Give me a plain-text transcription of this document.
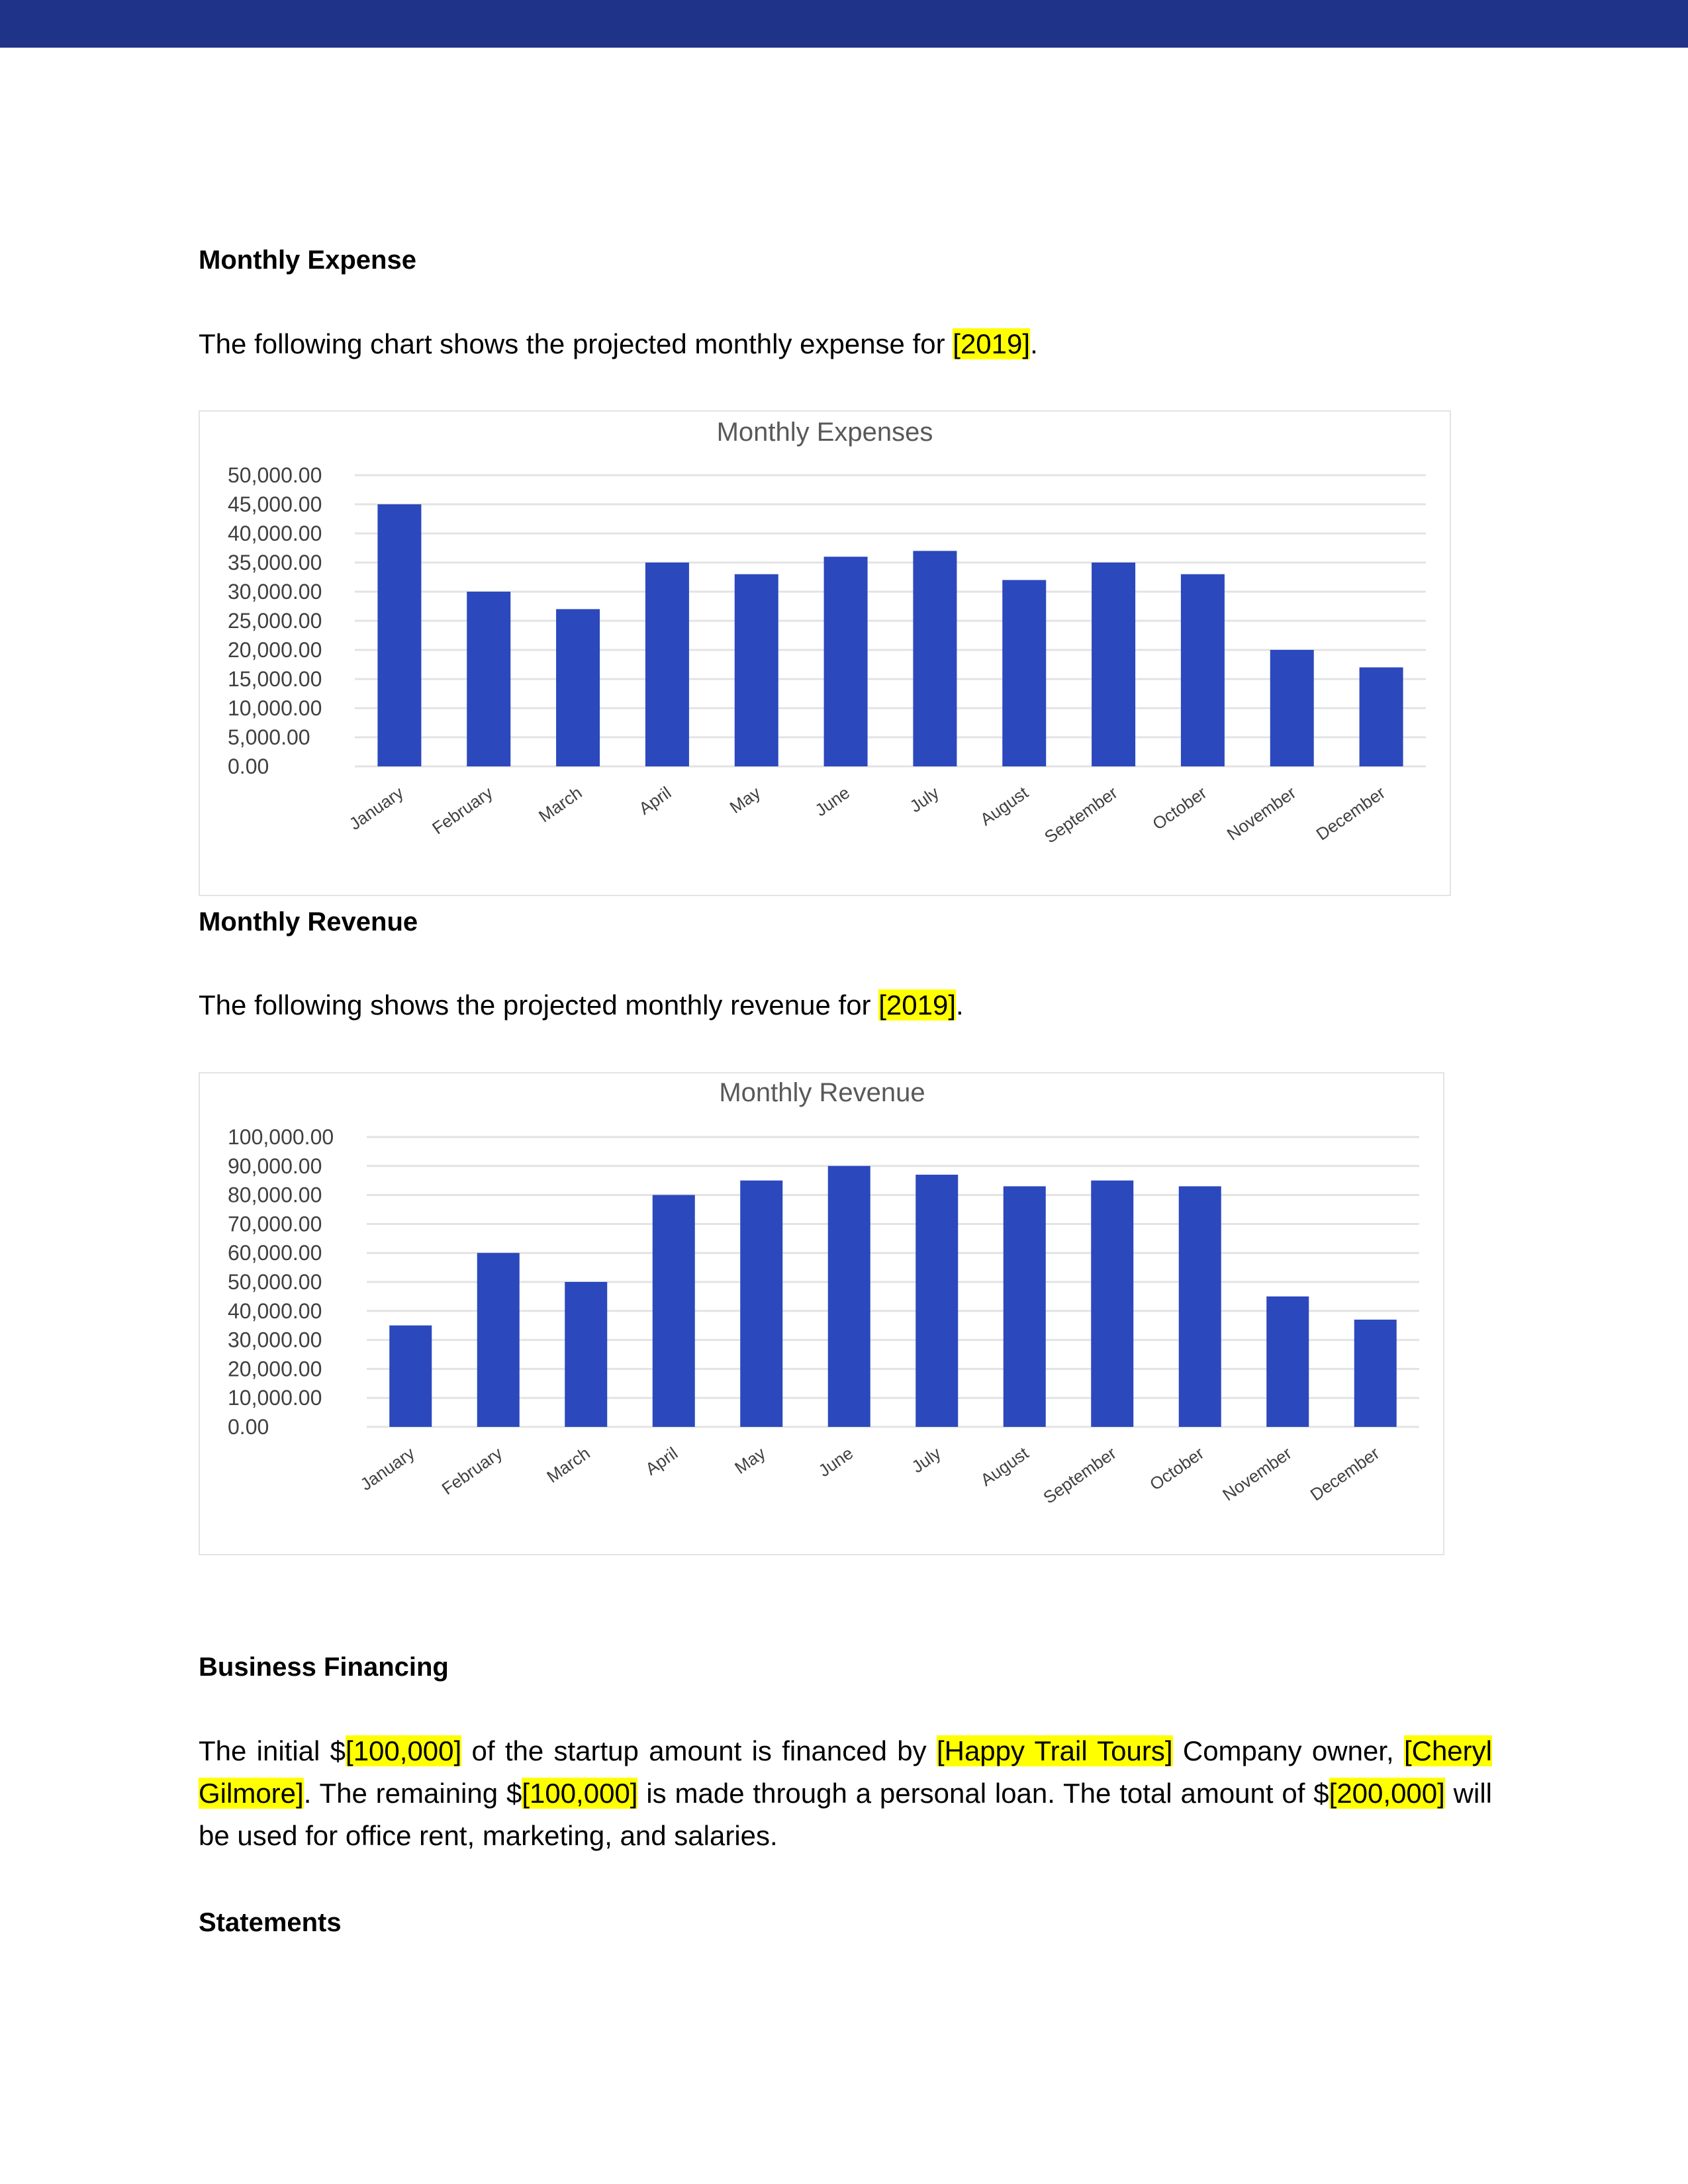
Monthly Expense

The following chart shows the projected monthly expense for [2019].

Monthly Expenses
0.00
5,000.00
10,000.00
15,000.00
20,000.00
25,000.00
30,000.00
35,000.00
40,000.00
45,000.00
50,000.00
January February March	April	May	June	July August September October November December
Monthly Revenue

The following shows the projected monthly revenue for [2019].

Monthly Revenue
0.00
10,000.00
20,000.00
30,000.00
40,000.00
50,000.00
60,000.00
70,000.00
80,000.00
90,000.00
100,000.00
January February March	April	May	June	July August September October November December
Business Financing

The initial $[100,000] of the startup amount is financed by [Happy Trail Tours] Company owner, [Cheryl Gilmore]. The remaining $[100,000] is made through a personal loan. The total amount of $[200,000] will be used for office rent, marketing, and salaries.

Statements
